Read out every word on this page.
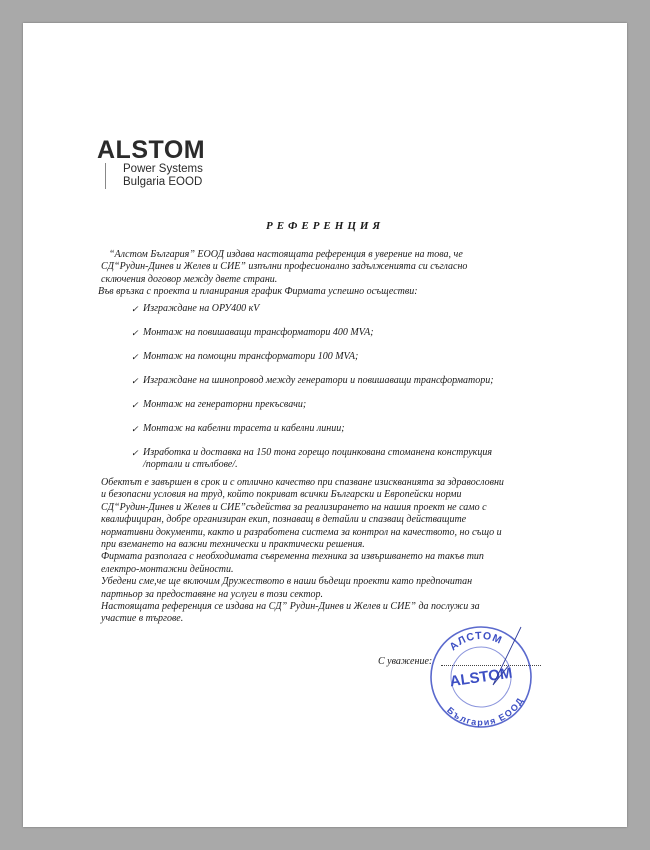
ALSTOM
Power Systems
Bulgaria EOOD
РЕФЕРЕНЦИЯ

“Алстом България” ЕООД издава настоящата референция в уверение на това, че

СД“Рудин-Динев и Желев и СИЕ” изпълни професионално задълженията си съгласно

сключения договор между двете страни.

Във връзка с проекта и планирания график Фирмата успешно осъществи:

✓ Изграждане на ОРУ400 кV
✓ Монтаж на повишаващи трансформатори 400 MVA;
✓ Монтаж на помощни трансформатори 100 MVA;
✓ Изграждане на шинопровод между генератори и повишаващи трансформатори;
✓ Монтаж на генераторни прекъсвачи;
✓ Монтаж на кабелни трасета и кабелни линии;
✓ Изработка и доставка на 150 тона горещо поцинкована стоманена конструкция
/портали и стълбове/.

Обектът е завършен в срок и с отлично качество при спазване изискванията за здравословни

и безопасни условия на труд, който покриват всички Български и Европейски норми

СД“Рудин-Динев и Желев и СИЕ”съдейства за реализирането на нашия проект не само с

квалифициран, добре организиран екип, познаващ в детайли и спазващ действащите

нормативни документи, както и разработена система за контрол на качеството, но също и

при вземането на важни технически и практически решения.

Фирмата разполага с необходимата съвременна техника за извършването на такъв тип

електро-монтажни дейности.

Убедени сме,че ще включим Дружеството в наши бъдещи проекти като предпочитан

партньор за предоставяне на услуги в този сектор.

Настоящата референция се издава на СД” Рудин-Динев и Желев и СИЕ” да послужи за

участие в търгове.

С уважение:
АЛСТОМ
ALSTOM
България ЕООД
